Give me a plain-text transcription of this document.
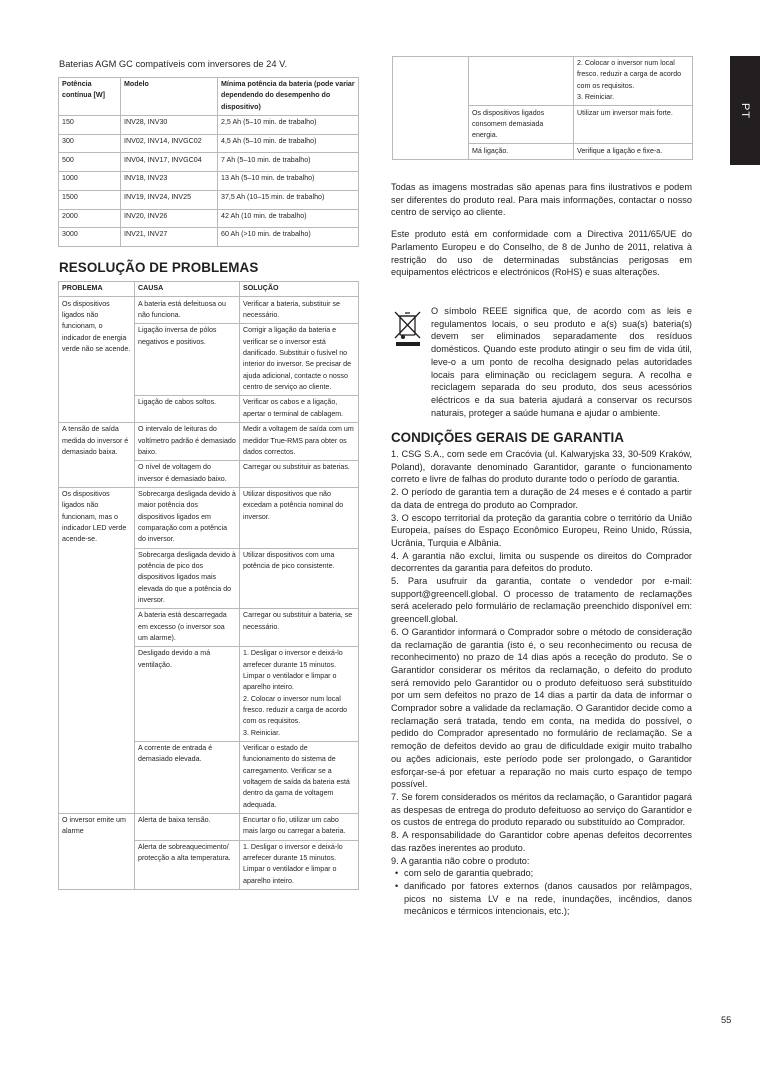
Baterias AGM GC compatíveis com inversores de 24 V.
Potência contínua [W]	Modelo	Mínima potência da bateria (pode variar dependendo do desempenho do dispositivo)
150	INV28, INV30	2,5 Ah (5–10 min. de trabalho)
300	INV02, INV14, INVGC02	4,5 Ah (5–10 min. de trabalho)
500	INV04, INV17, INVGC04	7 Ah (5–10 min. de trabalho)
1000	INV18, INV23	13 Ah (5–10 min. de trabalho)
1500	INV19, INV24, INV25	37,5 Ah (10–15 min. de trabalho)
2000	INV20, INV26	42 Ah (10 min. de trabalho)
3000	INV21, INV27	60 Ah (>10 min. de trabalho)
RESOLUÇÃO DE PROBLEMAS
PROBLEMA	CAUSA	SOLUÇÃO
Os dispositivos ligados não funcionam, o indicador de energia verde não se acende.	A bateria está defeituosa ou não funciona.	Verificar a bateria, substituir se necessário.
	Ligação inversa de pólos negativos e positivos.	Corrigir a ligação da bateria e verificar se o inversor está danificado. Substituir o fusível no interior do inversor. Se precisar de ajuda adicional, contacte o nosso centro de serviço ao cliente.
	Ligação de cabos soltos.	Verificar os cabos e a ligação, apertar o terminal de cablagem.
A tensão de saída medida do inversor é demasiado baixa.	O intervalo de leituras do voltímetro padrão é demasiado baixo.	Medir a voltagem de saída com um medidor True-RMS para obter os dados correctos.
	O nível de voltagem do inversor é demasiado baixo.	Carregar ou substituir as baterias.
Os dispositivos ligados não funcionam, mas o indicador LED verde acende-se.	Sobrecarga desligada devido à maior potência dos dispositivos ligados em comparação com a potência do inversor.	Utilizar dispositivos que não excedam a potência nominal do inversor.
	Sobrecarga desligada devido à potência de pico dos dispositivos ligados mais elevada do que a potência do inversor.	Utilizar dispositivos com uma potência de pico consistente.
	A bateria está descarregada em excesso (o inversor soa um alarme).	Carregar ou substituir a bateria, se necessário.
	Desligado devido a má ventilação.	1. Desligar o inversor e deixá-lo arrefecer durante 15 minutos. Limpar o ventilador e limpar o aparelho inteiro.
2. Colocar o inversor num local fresco. reduzir a carga de acordo com os requisitos.
3. Reiniciar.

	A corrente de entrada é demasiado elevada.	Verificar o estado de funcionamento do sistema de carregamento. Verificar se a voltagem de saída da bateria está dentro da gama de voltagem adequada.
O inversor emite um alarme	Alerta de baixa tensão.	Encurtar o fio, utilizar um cabo mais largo ou carregar a bateria.
	Alerta de sobreaquecimento/ protecção a alta temperatura.	1. Desligar o inversor e deixá-lo arrefecer durante 15 minutos. Limpar o ventilador e limpar o aparelho inteiro.

		2. Colocar o inversor num local fresco. reduzir a carga de acordo com os requisitos.
3. Reiniciar.

	Os dispositivos ligados consomem demasiada energia.	Utilizar um inversor mais forte.
	Má ligação.	Verifique a ligação e fixe-a.

Todas as imagens mostradas são apenas para fins ilustrativos e podem ser diferentes do produto real. Para mais informações, contactar o nosso centro de serviço ao cliente.

Este produto está em conformidade com a Directiva 2011/65/UE do Parlamento Europeu e do Conselho, de 8 de Junho de 2011, relativa à restrição do uso de determinadas substâncias perigosas em equipamentos eléctricos e electrónicos (RoHS) e suas alterações.

O símbolo REEE significa que, de acordo com as leis e regulamentos locais, o seu produto e a(s) sua(s) bateria(s) devem ser eliminados separadamente dos resíduos domésticos. Quando este produto atingir o seu fim de vida útil, leve-o a um ponto de recolha designado pelas autoridades locais para eliminação ou reciclagem segura. A recolha e reciclagem separada do seu produto, dos seus acessórios eléctricos e da sua bateria ajudará a conservar os recursos naturais, proteger a saúde humana e ajudar o ambiente.

CONDIÇÕES GERAIS DE GARANTIA

1. CSG S.A., com sede em Cracóvia (ul. Kalwaryjska 33, 30-509 Kraków, Poland), doravante denominado Garantidor, garante o funcionamento correto e livre de falhas do produto durante todo o período de garantia.

2. O período de garantia tem a duração de 24 meses e é contado a partir da data de entrega do produto ao Comprador.

3. O escopo territorial da proteção da garantia cobre o território da União Europeia, países do Espaço Econômico Europeu, Reino Unido, Rússia, Ucrânia, Turquia e Albânia.

4. A garantia não exclui, limita ou suspende os direitos do Comprador decorrentes da garantia para defeitos do produto.

5. Para usufruir da garantia, contate o vendedor por e-mail: support@greencell.global. O processo de tratamento de reclamações será acelerado pelo formulário de reclamação preenchido disponível em: greencell.global.

6. O Garantidor informará o Comprador sobre o método de consideração da reclamação de garantia (isto é, o seu reconhecimento ou recusa de reconhecimento) no prazo de 14 dias após a receção do produto. Se o Garantidor considerar os méritos da reclamação, o defeito do produto será removido pelo Garantidor ou o produto defeituoso será substituído por um sem defeitos no prazo de 14 dias a partir da data de informar o Comprador sobre a validade da reclamação. O Garantidor decide como a reclamação será tratada, tendo em conta, na medida do possível, o pedido do Comprador apresentado no formulário de reclamação. Se a remoção de defeitos devido ao grau de dificuldade exigir muito trabalho ou ações adicionais, este período pode ser prolongado, o Garantidor esforçar-se-á por efetuar a reparação no mais curto espaço de tempo possível.

7. Se forem considerados os méritos da reclamação, o Garantidor pagará as despesas de entrega do produto defeituoso ao serviço do Garantidor e os custos de entrega do produto reparado ou substituído ao Comprador.

8. A responsabilidade do Garantidor cobre apenas defeitos decorrentes das razões inerentes ao produto.

9. A garantia não cobre o produto:

• com selo de garantia quebrado;
• danificado por fatores externos (danos causados por relâmpagos, picos no sistema LV e na rede, inundações, incêndios, danos mecânicos e térmicos intencionais, etc.);
PT
55
